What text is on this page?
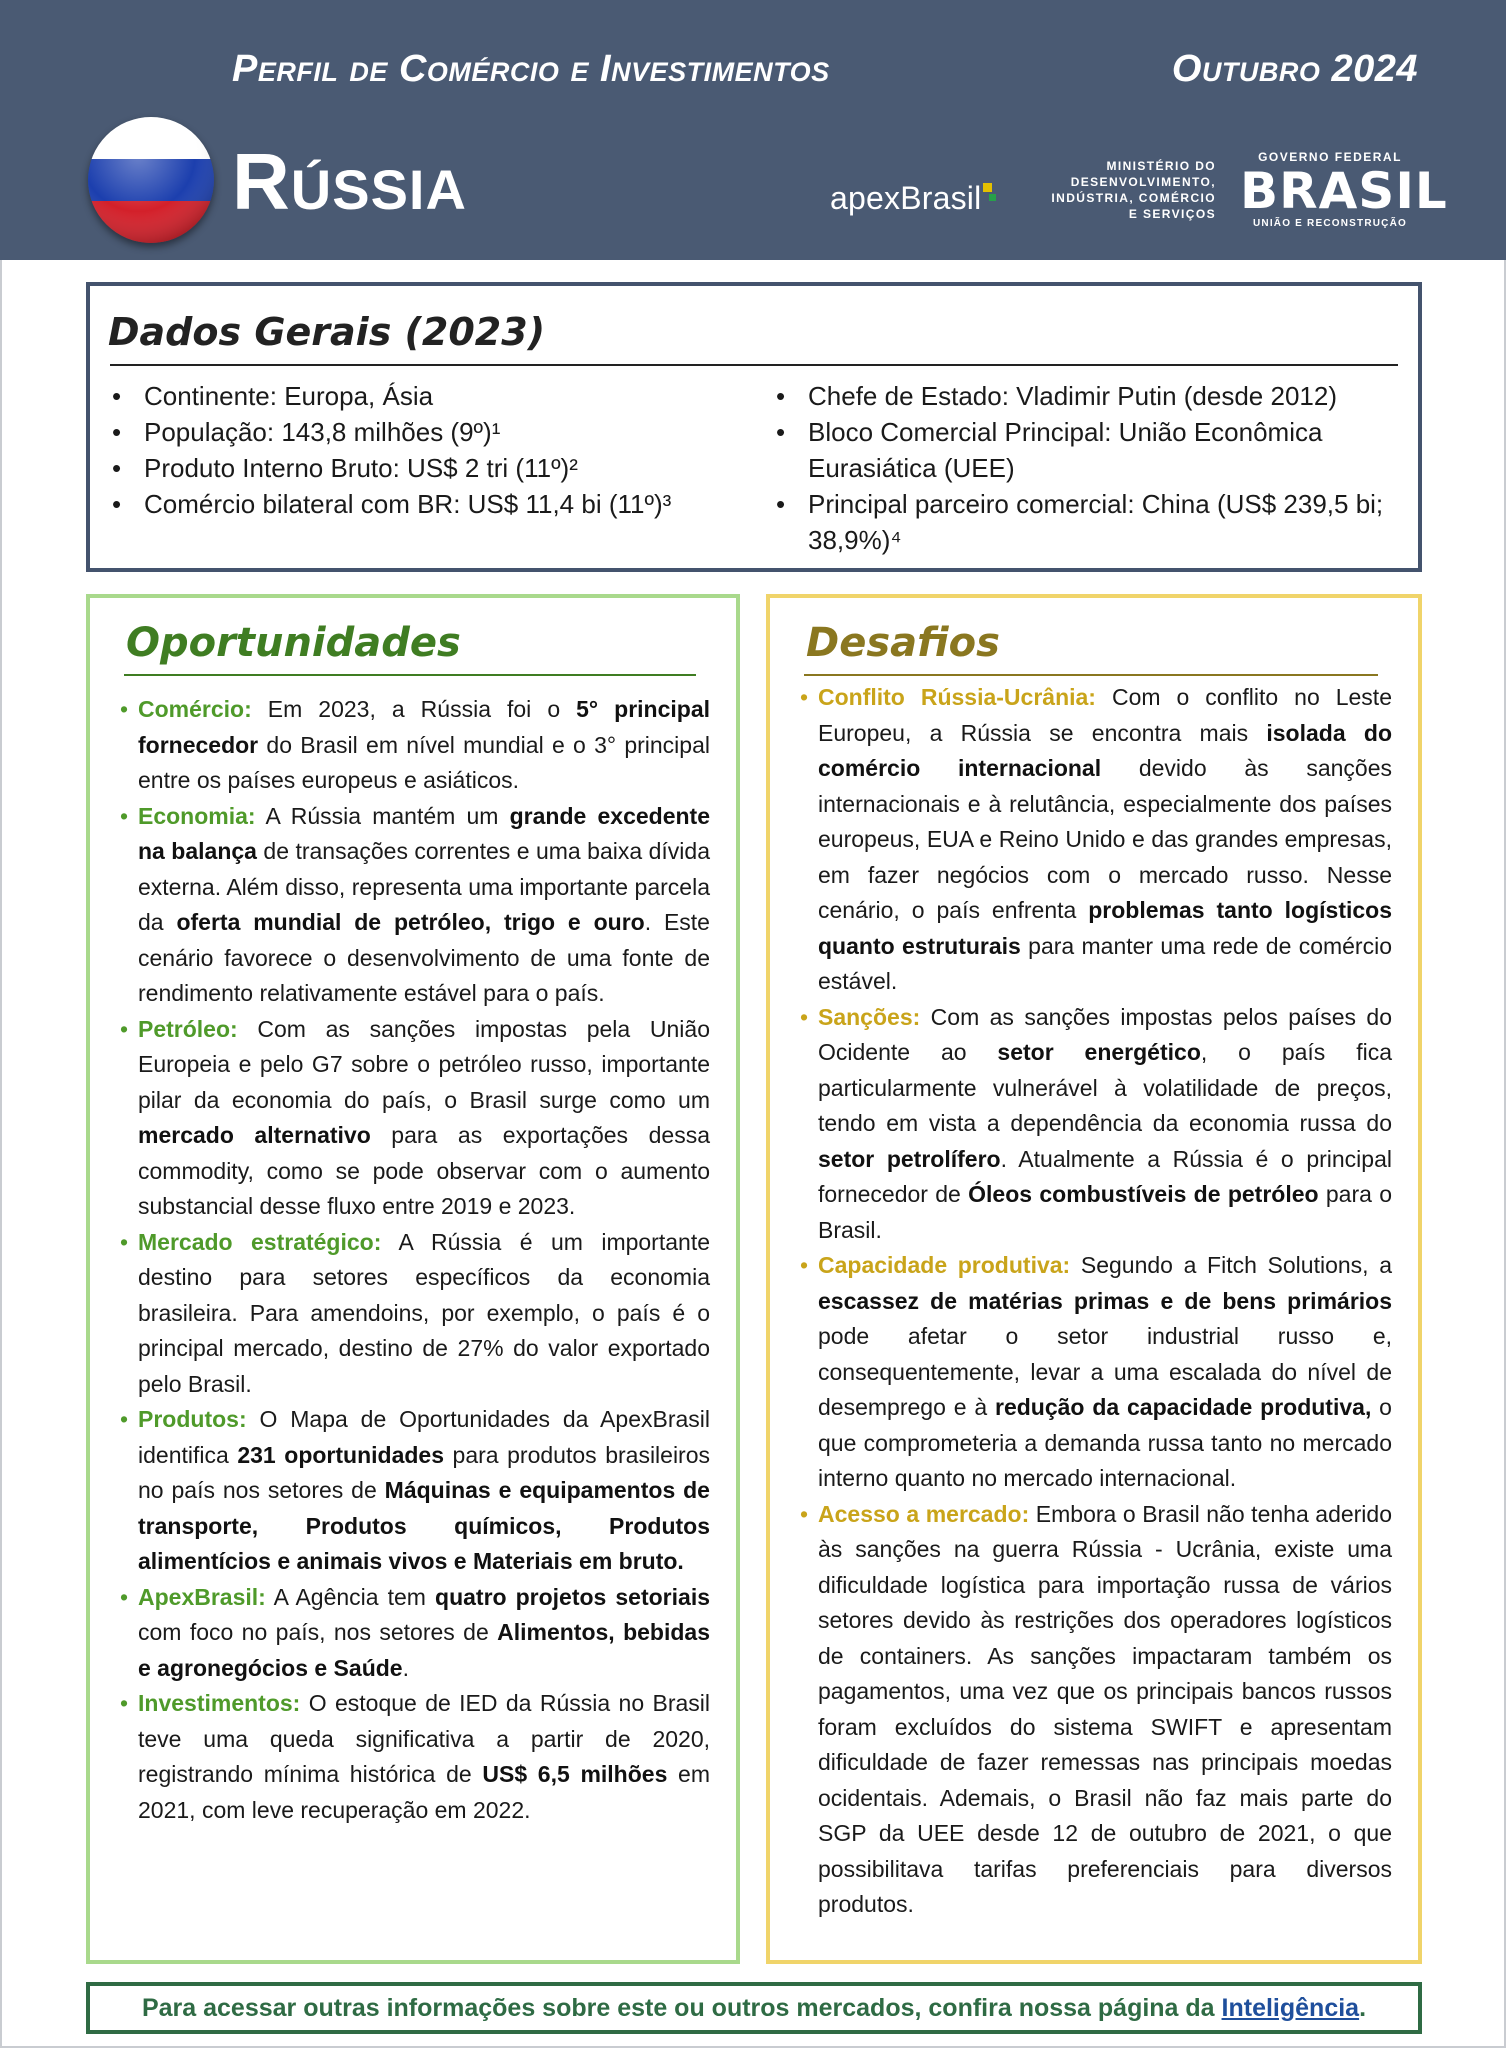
Perfil de Comércio e Investimentos	Outubro 2024
Rússia	apexBrasil
MINISTÉRIO DO
DESENVOLVIMENTO,
INDÚSTRIA, COMÉRCIO
E SERVIÇOS
GOVERNO FEDERAL
BRASIL
UNIÃO E RECONSTRUÇÃO
Dados Gerais (2023)
• Continente: Europa, Ásia
• População: 143,8 milhões (9º)¹
• Produto Interno Bruto: US$ 2 tri (11º)²
• Comércio bilateral com BR: US$ 11,4 bi (11º)³
• Chefe de Estado: Vladimir Putin (desde 2012)
• Bloco Comercial Principal: União Econômica Eurasiática (UEE)
• Principal parceiro comercial: China (US$ 239,5 bi; 38,9%)⁴
Oportunidades
• Comércio: Em 2023, a Rússia foi o 5° principal fornecedor do Brasil em nível mundial e o 3° principal entre os países europeus e asiáticos.
• Economia: A Rússia mantém um grande excedente na balança de transações correntes e uma baixa dívida externa. Além disso, representa uma importante parcela da oferta mundial de petróleo, trigo e ouro. Este cenário favorece o desenvolvimento de uma fonte de rendimento relativamente estável para o país.
• Petróleo: Com as sanções impostas pela União Europeia e pelo G7 sobre o petróleo russo, importante pilar da economia do país, o Brasil surge como um mercado alternativo para as exportações dessa commodity, como se pode observar com o aumento substancial desse fluxo entre 2019 e 2023.
• Mercado estratégico: A Rússia é um importante destino para setores específicos da economia brasileira. Para amendoins, por exemplo, o país é o principal mercado, destino de 27% do valor exportado pelo Brasil.
• Produtos: O Mapa de Oportunidades da ApexBrasil identifica 231 oportunidades para produtos brasileiros no país nos setores de Máquinas e equipamentos de transporte, Produtos químicos, Produtos alimentícios e animais vivos e Materiais em bruto.
• ApexBrasil: A Agência tem quatro projetos setoriais com foco no país, nos setores de Alimentos, bebidas e agronegócios e Saúde.
• Investimentos: O estoque de IED da Rússia no Brasil teve uma queda significativa a partir de 2020, registrando mínima histórica de US$ 6,5 milhões em 2021, com leve recuperação em 2022.
Desafios
• Conflito Rússia-Ucrânia: Com o conflito no Leste Europeu, a Rússia se encontra mais isolada do comércio internacional devido às sanções internacionais e à relutância, especialmente dos países europeus, EUA e Reino Unido e das grandes empresas, em fazer negócios com o mercado russo. Nesse cenário, o país enfrenta problemas tanto logísticos quanto estruturais para manter uma rede de comércio estável.
• Sanções: Com as sanções impostas pelos países do Ocidente ao setor energético, o país fica particularmente vulnerável à volatilidade de preços, tendo em vista a dependência da economia russa do setor petrolífero. Atualmente a Rússia é o principal fornecedor de Óleos combustíveis de petróleo para o Brasil.
• Capacidade produtiva: Segundo a Fitch Solutions, a escassez de matérias primas e de bens primários pode afetar o setor industrial russo e, consequentemente, levar a uma escalada do nível de desemprego e à redução da capacidade produtiva, o que comprometeria a demanda russa tanto no mercado interno quanto no mercado internacional.
• Acesso a mercado: Embora o Brasil não tenha aderido às sanções na guerra Rússia - Ucrânia, existe uma dificuldade logística para importação russa de vários setores devido às restrições dos operadores logísticos de containers. As sanções impactaram também os pagamentos, uma vez que os principais bancos russos foram excluídos do sistema SWIFT e apresentam dificuldade de fazer remessas nas principais moedas ocidentais. Ademais, o Brasil não faz mais parte do SGP da UEE desde 12 de outubro de 2021, o que possibilitava tarifas preferenciais para diversos produtos.
Para acessar outras informações sobre este ou outros mercados, confira nossa página da Inteligência.
